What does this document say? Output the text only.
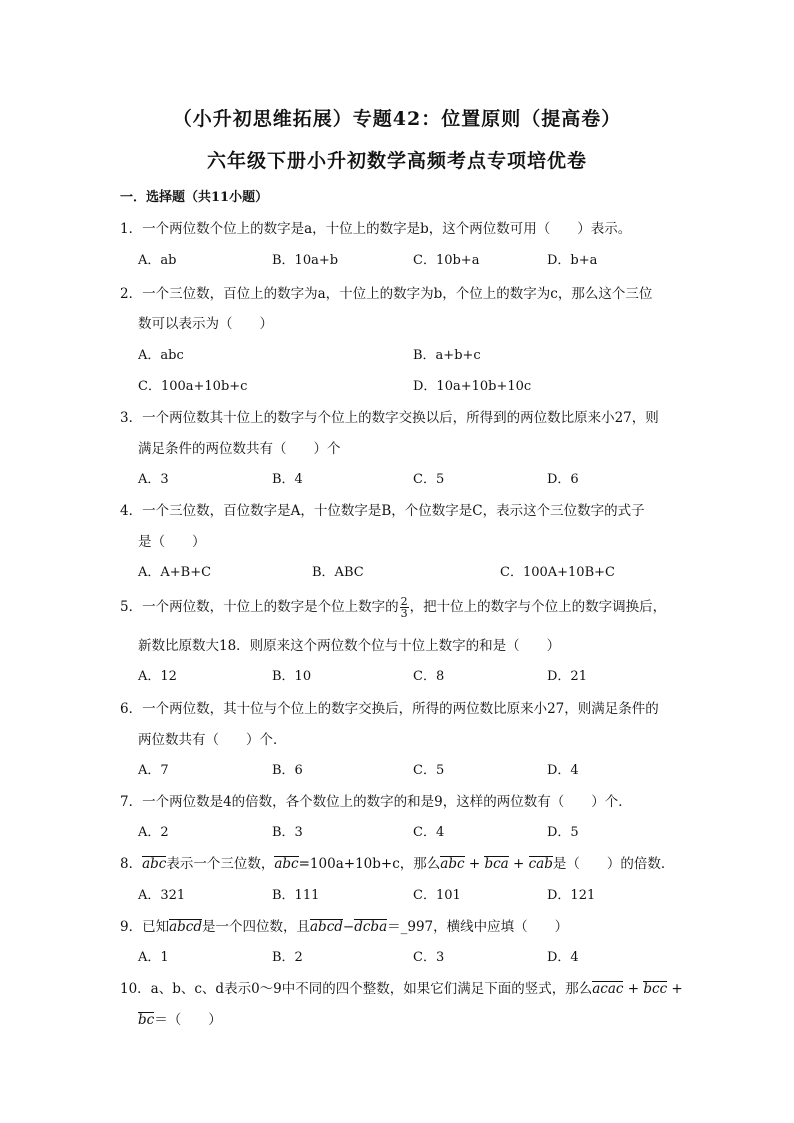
（小升初思维拓展）专题42：位置原则（提高卷）
六年级下册小升初数学高频考点专项培优卷
一．选择题（共11小题）
1．一个两位数个位上的数字是a，十位上的数字是b，这个两位数可用（　　）表示。
A．ab	B．10a+b	C．10b+a	D．b+a
2．一个三位数，百位上的数字为a，十位上的数字为b，个位上的数字为c，那么这个三位
数可以表示为（　　）
A．abc	B．a+b+c
C．100a+10b+c	D．10a+10b+10c
3．一个两位数其十位上的数字与个位上的数字交换以后，所得到的两位数比原来小27，则
满足条件的两位数共有（　　）个
A．3	B．4	C．5	D．6
4．一个三位数，百位数字是A，十位数字是B，个位数字是C，表示这个三位数字的式子
是（　　）
A．A+B+C	B．ABC	C．100A+10B+C
5．一个两位数，十位上的数字是个位上数字的 $\frac{2}{3}$ ，把十位上的数字与个位上的数字调换后，
新数比原数大18．则原来这个两位数个位与十位上数字的和是（　　）
A．12	B．10	C．8	D．21
6．一个两位数，其十位与个位上的数字交换后，所得的两位数比原来小27，则满足条件的
两位数共有（　　）个．
A．7	B．6	C．5	D．4
7．一个两位数是4的倍数，各个数位上的数字的和是9，这样的两位数有（　　）个．
A．2	B．3	C．4	D．5
8．abc表示一个三位数，abc=100a+10b+c，那么abc + bca + cab是（　　）的倍数．
A．321	B．111	C．101	D．121
9．已知abcd是一个四位数，且abcd−dcba＝_997，横线中应填（　　）
A．1	B．2	C．3	D．4
10．a、b、c、d表示0～9中不同的四个整数，如果它们满足下面的竖式，那么acac + bcc +
bc＝（　　）
